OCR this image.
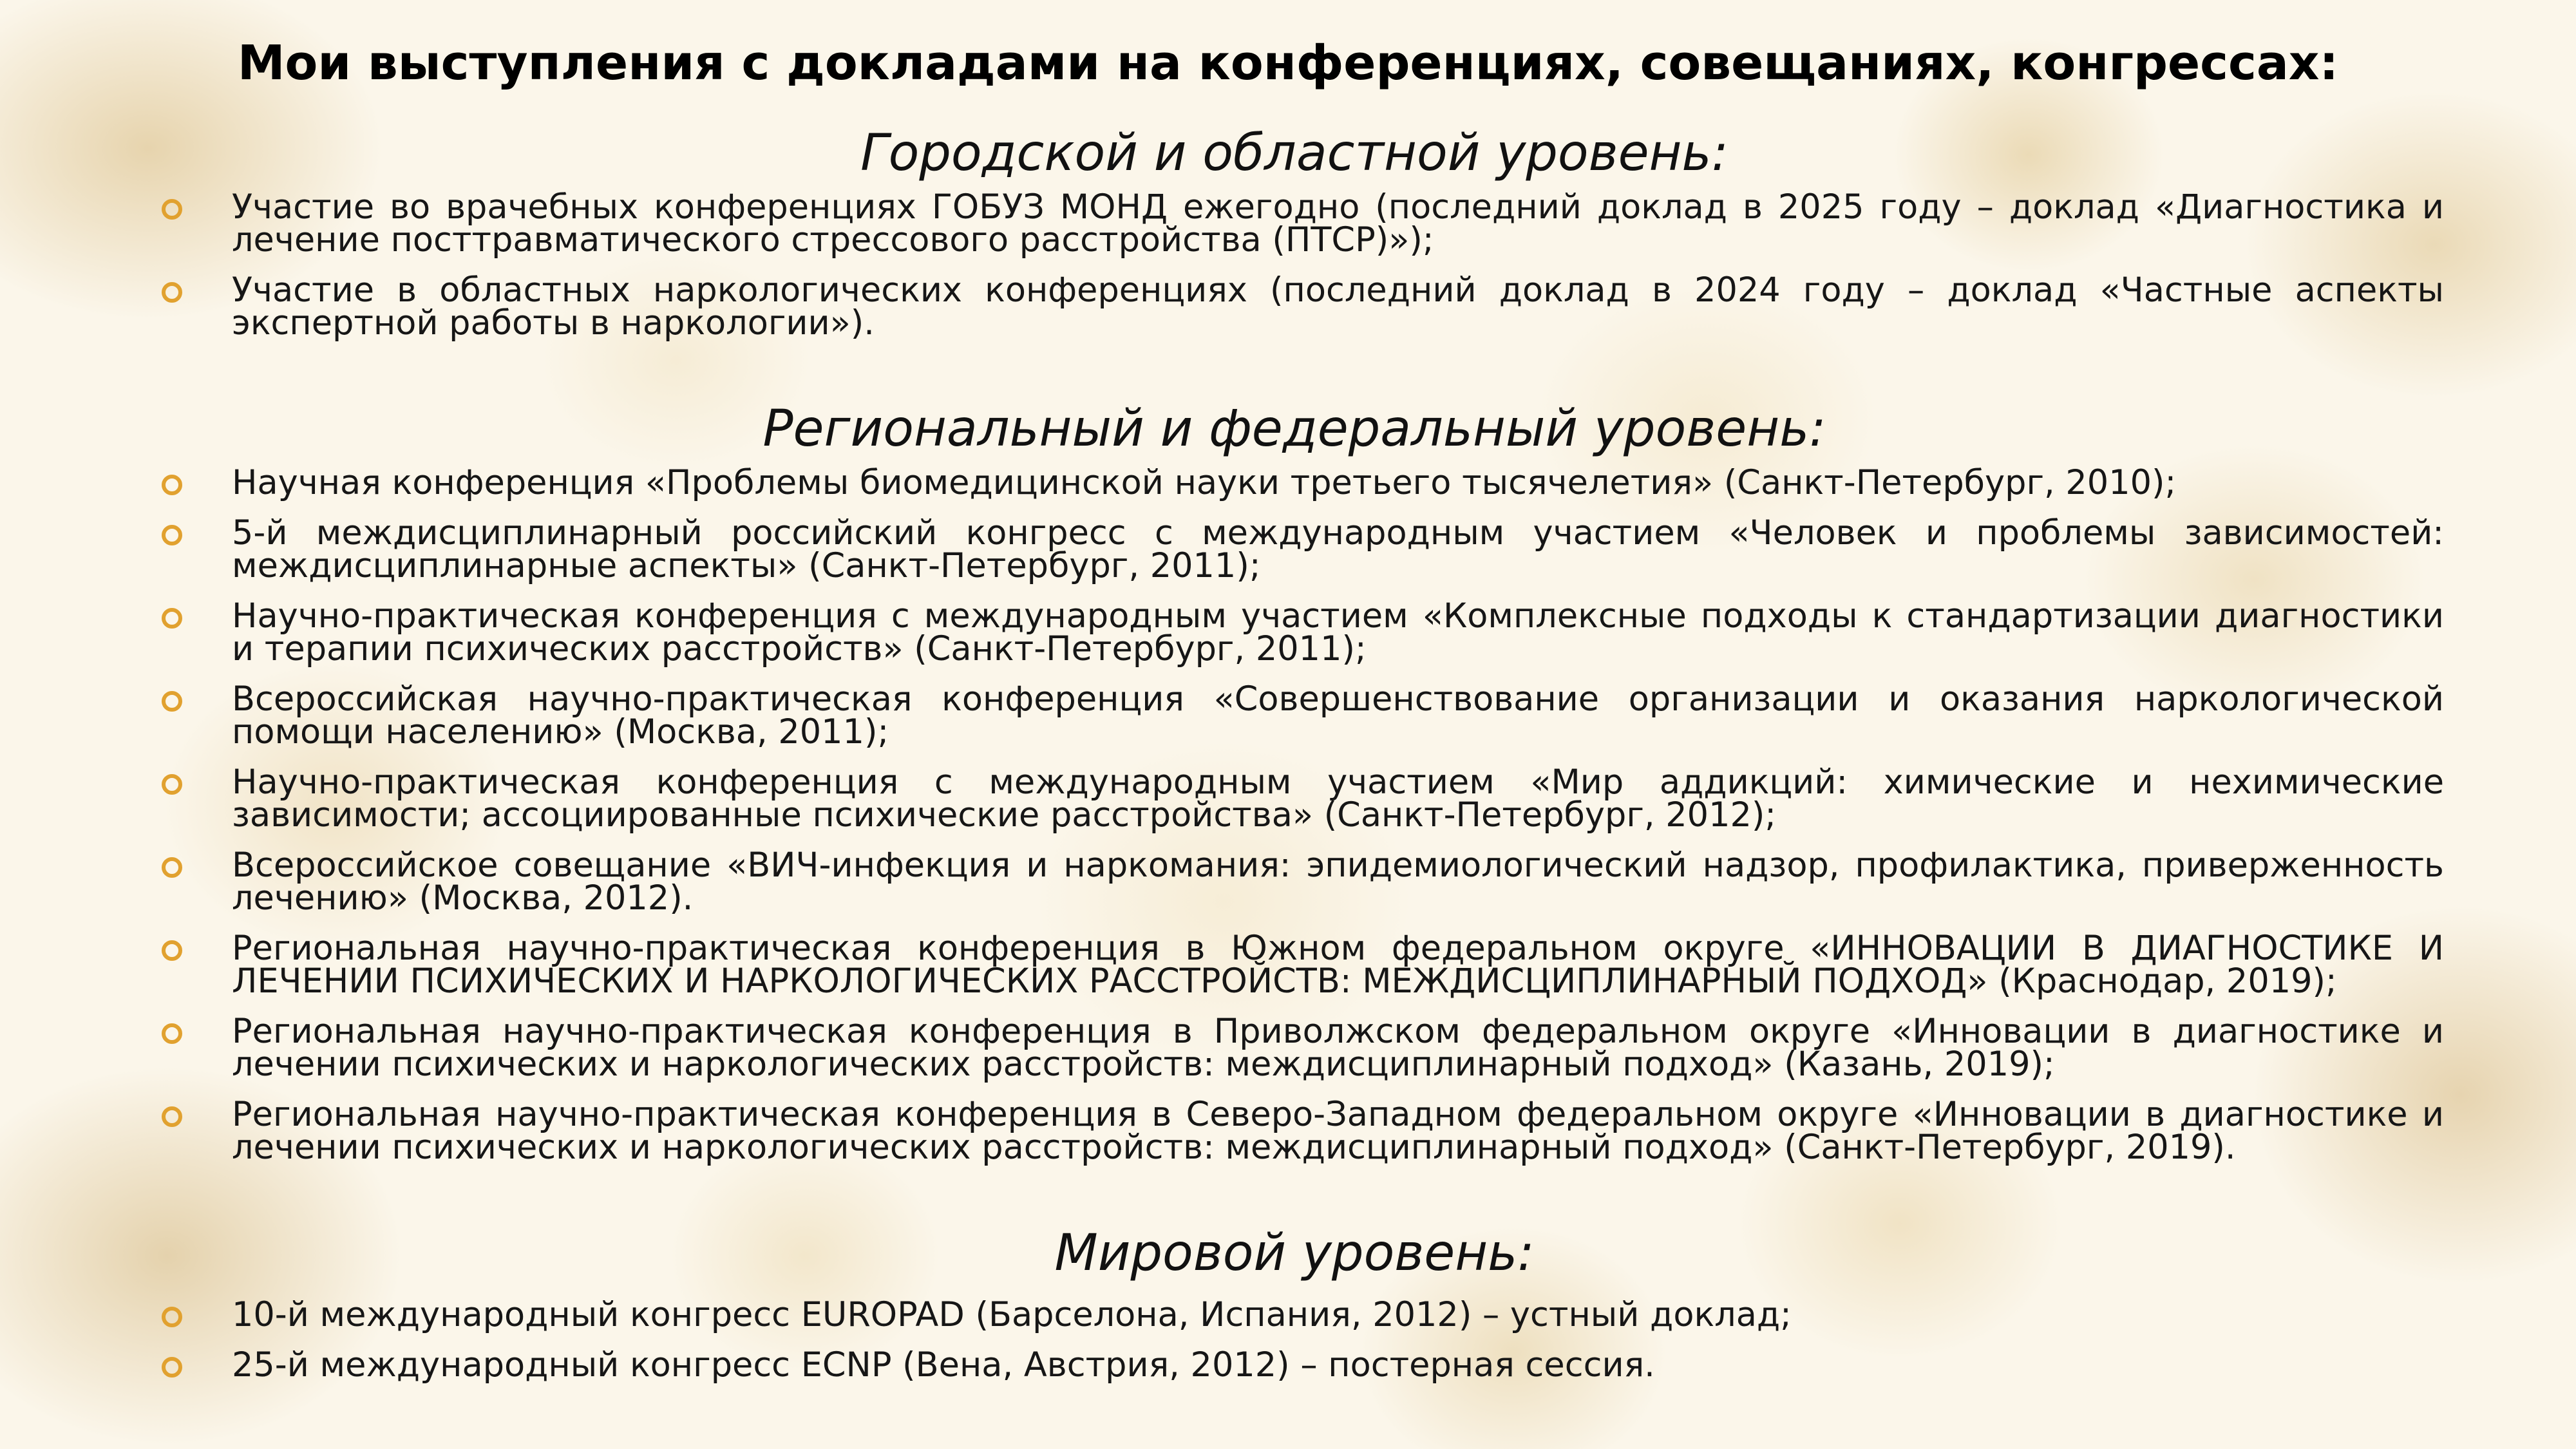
Мои выступления с докладами на конференциях, совещаниях, конгрессах:
Городской и областной уровень:
Участие во врачебных конференциях ГОБУЗ МОНД ежегодно (последний доклад в 2025 году – доклад «Диагностика и лечение посттравматического стрессового расстройства (ПТСР)»);
Участие в областных наркологических конференциях (последний доклад в 2024 году – доклад «Частные аспекты экспертной работы в наркологии»).
Региональный и федеральный уровень:
Научная конференция «Проблемы биомедицинской науки третьего тысячелетия» (Санкт-Петербург, 2010);
5-й междисциплинарный российский конгресс с международным участием «Человек и проблемы зависимостей: междисциплинарные аспекты» (Санкт-Петербург, 2011);
Научно-практическая конференция с международным участием «Комплексные подходы к стандартизации диагностики и терапии психических расстройств» (Санкт-Петербург, 2011);
Всероссийская научно-практическая конференция «Совершенствование организации и оказания наркологической помощи населению» (Москва, 2011);
Научно-практическая конференция с международным участием «Мир аддикций: химические и нехимические зависимости; ассоциированные психические расстройства» (Санкт-Петербург, 2012);
Всероссийское совещание «ВИЧ-инфекция и наркомания: эпидемиологический надзор, профилактика, приверженность лечению» (Москва, 2012).
Региональная научно-практическая конференция в Южном федеральном округе «ИННОВАЦИИ В ДИАГНОСТИКЕ И ЛЕЧЕНИИ ПСИХИЧЕСКИХ И НАРКОЛОГИЧЕСКИХ РАССТРОЙСТВ: МЕЖДИСЦИПЛИНАРНЫЙ ПОДХОД» (Краснодар, 2019);
Региональная научно-практическая конференция в Приволжском федеральном округе «Инновации в диагностике и лечении психических и наркологических расстройств: междисциплинарный подход» (Казань, 2019);
Региональная научно-практическая конференция в Северо-Западном федеральном округе «Инновации в диагностике и лечении психических и наркологических расстройств: междисциплинарный подход» (Санкт-Петербург, 2019).
Мировой уровень:
10-й международный конгресс EUROPAD (Барселона, Испания, 2012) – устный доклад;
25-й международный конгресс ECNP (Вена, Австрия, 2012) – постерная сессия.
